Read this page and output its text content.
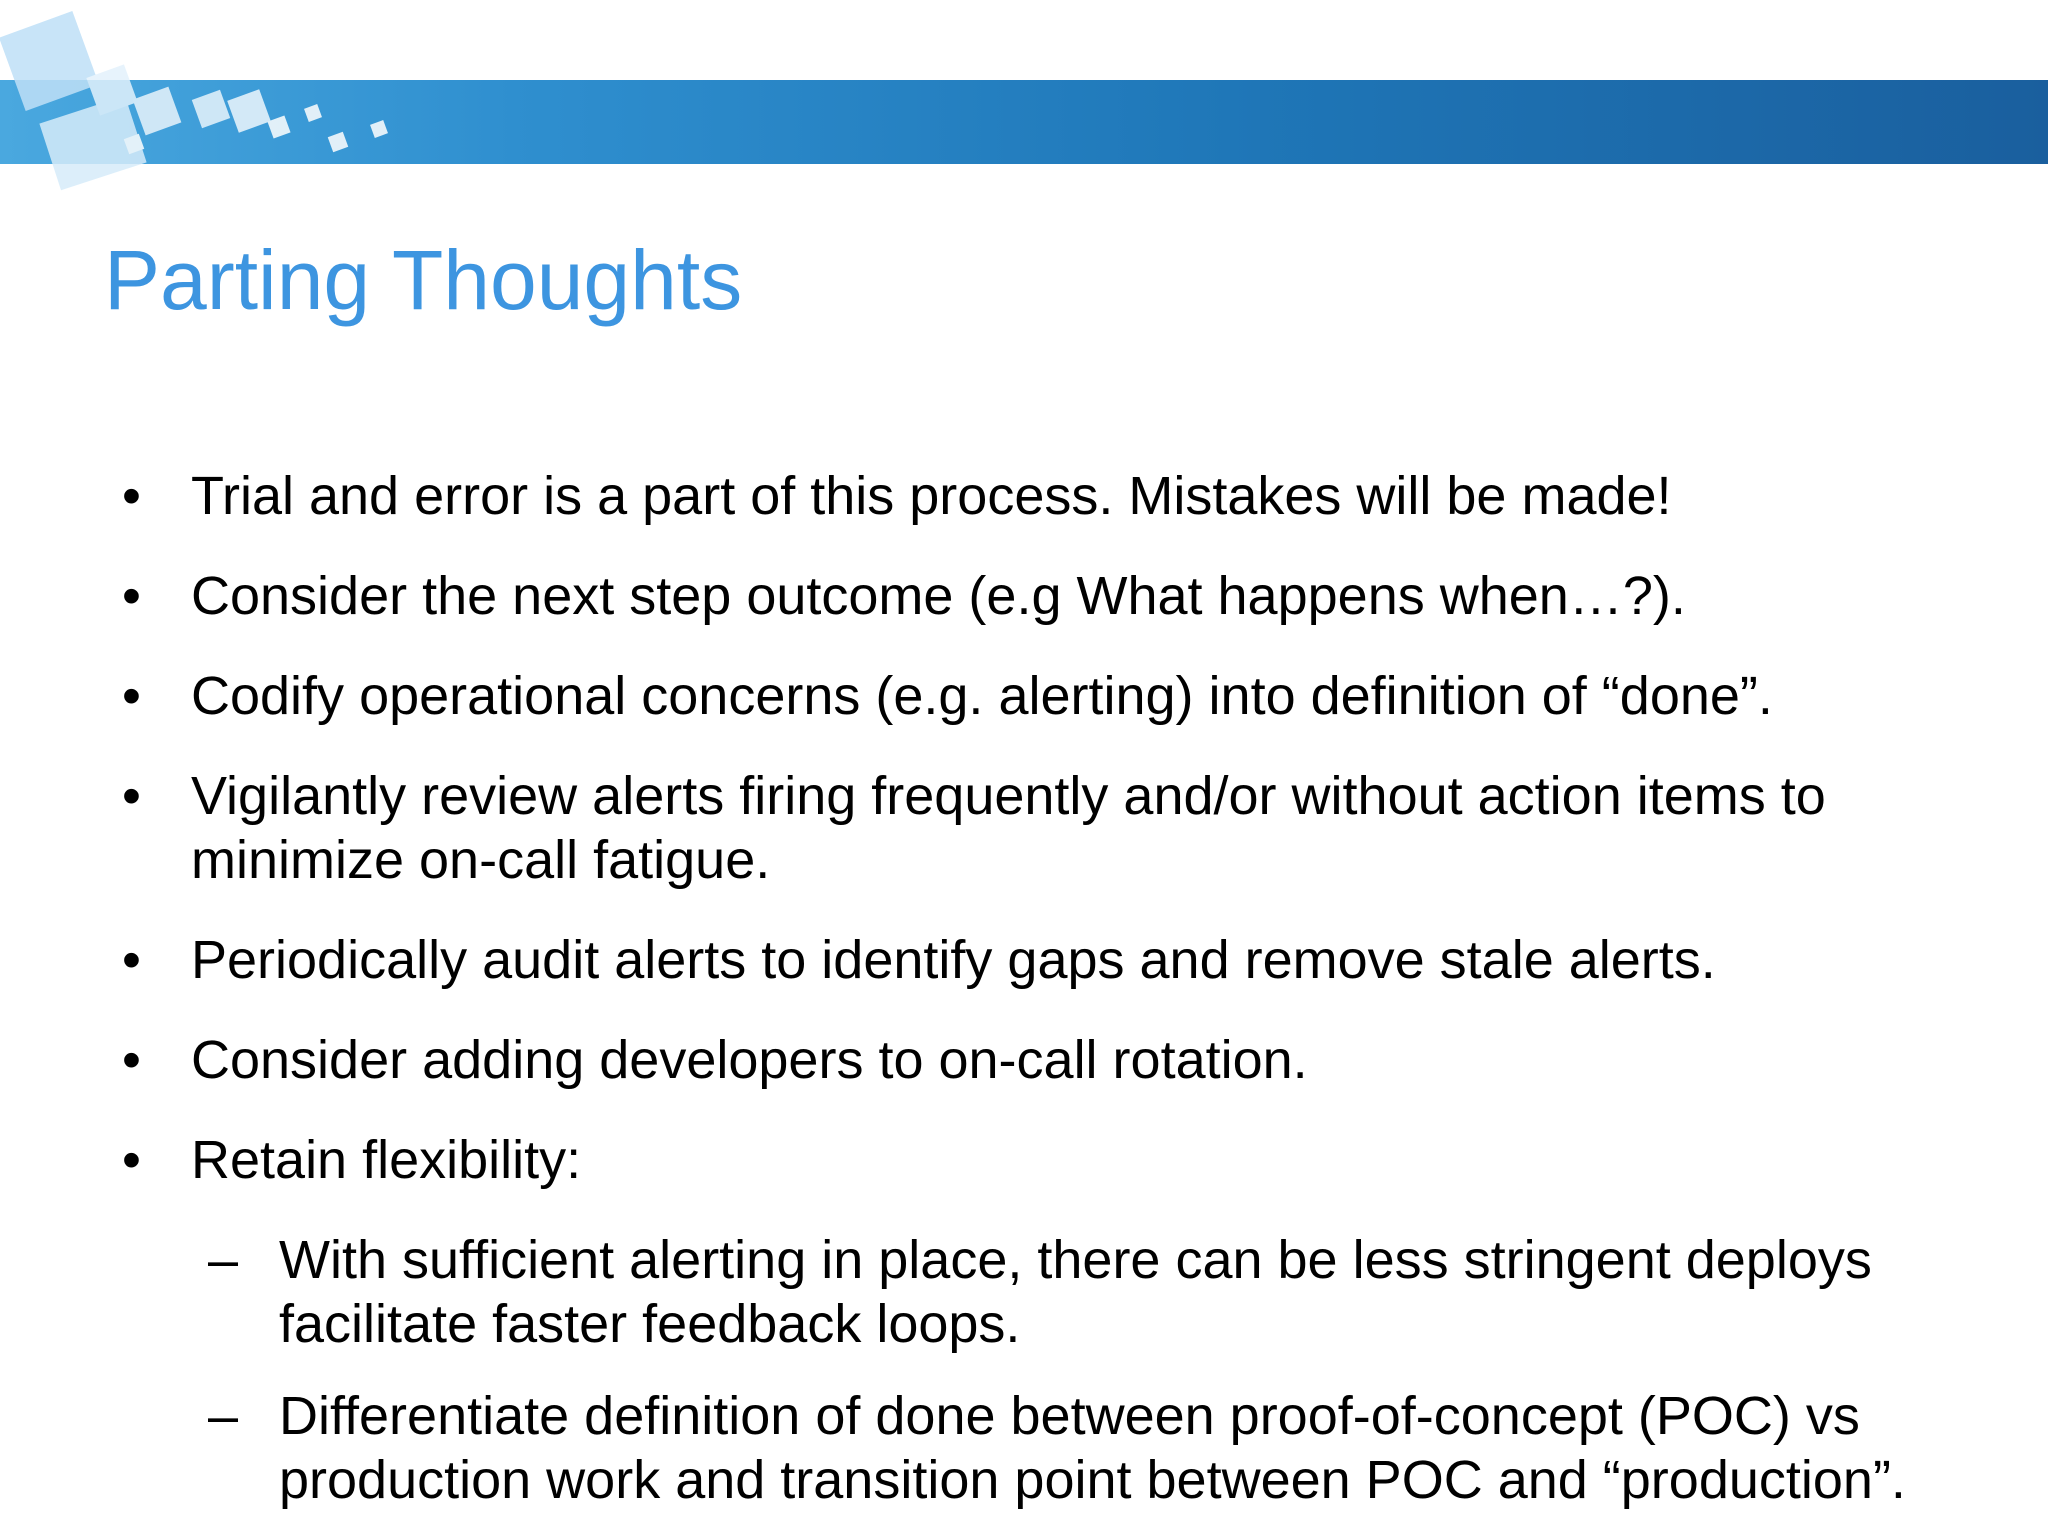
Parting Thoughts
• Trial and error is a part of this process. Mistakes will be made!
• Consider the next step outcome (e.g What happens when…?).
• Codify operational concerns (e.g. alerting) into definition of “done”.
• Vigilantly review alerts firing frequently and/or without action items to minimize on-call fatigue.
• Periodically audit alerts to identify gaps and remove stale alerts.
• Consider adding developers to on-call rotation.
• Retain flexibility:
– With sufficient alerting in place, there can be less stringent deploys facilitate faster feedback loops.
– Differentiate definition of done between proof-of-concept (POC) vs production work and transition point between POC and “production”.
